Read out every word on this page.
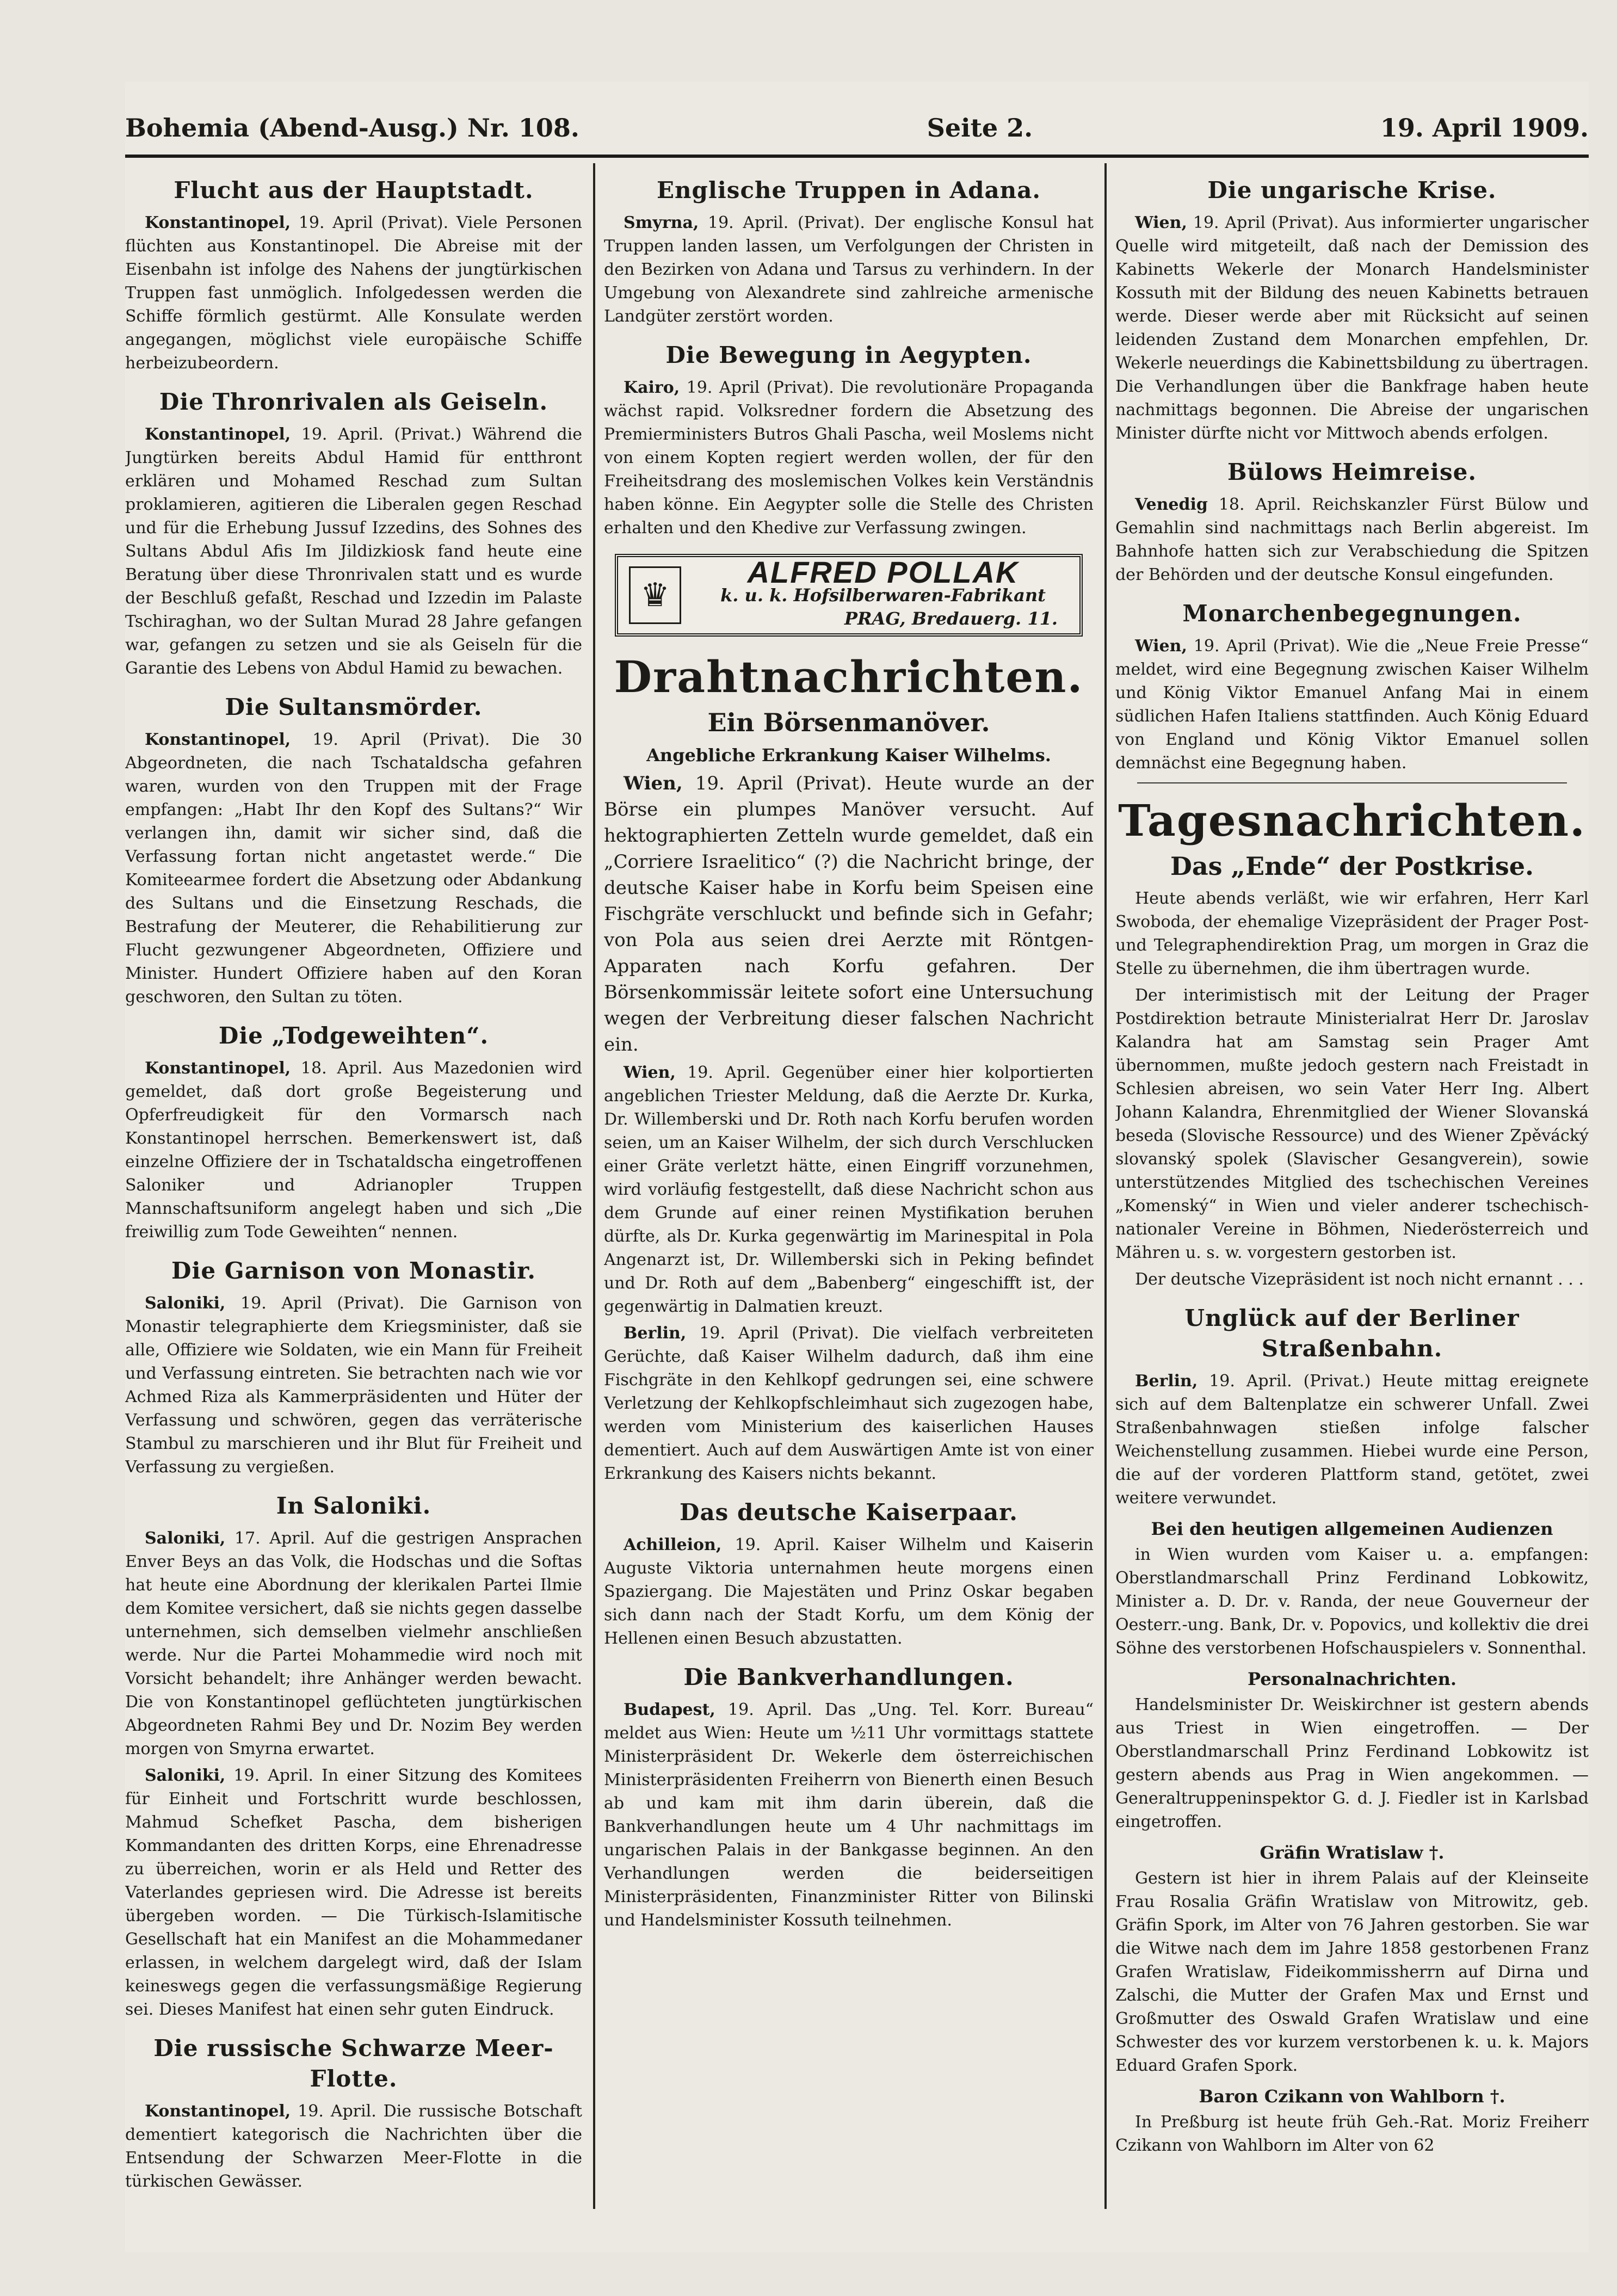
Bohemia (Abend-Ausg.) Nr. 108.	Seite 2.	19. April 1909.
Flucht aus der Hauptstadt.

Konstantinopel, 19. April (Privat). Viele Personen flüchten aus Konstantinopel. Die Abreise mit der Eisenbahn ist infolge des Nahens der jungtürkischen Truppen fast unmöglich. Infolgedessen werden die Schiffe förmlich gestürmt. Alle Konsulate werden angegangen, möglichst viele europäische Schiffe herbeizubeordern.

Die Thronrivalen als Geiseln.

Konstantinopel, 19. April. (Privat.) Während die Jungtürken bereits Abdul Hamid für entthront erklären und Mohamed Reschad zum Sultan proklamieren, agitieren die Liberalen gegen Reschad und für die Erhebung Jussuf Izzedins, des Sohnes des Sultans Abdul Afis Im Jildizkiosk fand heute eine Beratung über diese Thronrivalen statt und es wurde der Beschluß gefaßt, Reschad und Izzedin im Palaste Tschiraghan, wo der Sultan Murad 28 Jahre gefangen war, gefangen zu setzen und sie als Geiseln für die Garantie des Lebens von Abdul Hamid zu bewachen.

Die Sultansmörder.

Konstantinopel, 19. April (Privat). Die 30 Abgeordneten, die nach Tschataldscha gefahren waren, wurden von den Truppen mit der Frage empfangen: „Habt Ihr den Kopf des Sultans?“ Wir verlangen ihn, damit wir sicher sind, daß die Verfassung fortan nicht angetastet werde.“ Die Komiteearmee fordert die Absetzung oder Abdankung des Sultans und die Einsetzung Reschads, die Bestrafung der Meuterer, die Rehabilitierung zur Flucht gezwungener Abgeordneten, Offiziere und Minister. Hundert Offiziere haben auf den Koran geschworen, den Sultan zu töten.

Die „Todgeweihten“.

Konstantinopel, 18. April. Aus Mazedonien wird gemeldet, daß dort große Begeisterung und Opferfreudigkeit für den Vormarsch nach Konstantinopel herrschen. Bemerkenswert ist, daß einzelne Offiziere der in Tschataldscha eingetroffenen Saloniker und Adrianopler Truppen Mannschaftsuniform angelegt haben und sich „Die freiwillig zum Tode Geweihten“ nennen.

Die Garnison von Monastir.

Saloniki, 19. April (Privat). Die Garnison von Monastir telegraphierte dem Kriegsminister, daß sie alle, Offiziere wie Soldaten, wie ein Mann für Freiheit und Verfassung eintreten. Sie betrachten nach wie vor Achmed Riza als Kammerpräsidenten und Hüter der Verfassung und schwören, gegen das verräterische Stambul zu marschieren und ihr Blut für Freiheit und Verfassung zu vergießen.

In Saloniki.

Saloniki, 17. April. Auf die gestrigen Ansprachen Enver Beys an das Volk, die Hodschas und die Softas hat heute eine Abordnung der klerikalen Partei Ilmie dem Komitee versichert, daß sie nichts gegen dasselbe unternehmen, sich demselben vielmehr anschließen werde. Nur die Partei Mohammedie wird noch mit Vorsicht behandelt; ihre Anhänger werden bewacht. Die von Konstantinopel geflüchteten jungtürkischen Abgeordneten Rahmi Bey und Dr. Nozim Bey werden morgen von Smyrna erwartet.

Saloniki, 19. April. In einer Sitzung des Komitees für Einheit und Fortschritt wurde beschlossen, Mahmud Schefket Pascha, dem bisherigen Kommandanten des dritten Korps, eine Ehrenadresse zu überreichen, worin er als Held und Retter des Vaterlandes gepriesen wird. Die Adresse ist bereits übergeben worden. — Die Türkisch-Islamitische Gesellschaft hat ein Manifest an die Mohammedaner erlassen, in welchem dargelegt wird, daß der Islam keineswegs gegen die verfassungsmäßige Regierung sei. Dieses Manifest hat einen sehr guten Eindruck.

Die russische Schwarze Meer-Flotte.

Konstantinopel, 19. April. Die russische Botschaft dementiert kategorisch die Nachrichten über die Entsendung der Schwarzen Meer-Flotte in die türkischen Gewässer.

Englische Truppen in Adana.

Smyrna, 19. April. (Privat). Der englische Konsul hat Truppen landen lassen, um Verfolgungen der Christen in den Bezirken von Adana und Tarsus zu verhindern. In der Umgebung von Alexandrete sind zahlreiche armenische Landgüter zerstört worden.

Die Bewegung in Aegypten.

Kairo, 19. April (Privat). Die revolutionäre Propaganda wächst rapid. Volksredner fordern die Absetzung des Premierministers Butros Ghali Pascha, weil Moslems nicht von einem Kopten regiert werden wollen, der für den Freiheitsdrang des moslemischen Volkes kein Verständnis haben könne. Ein Aegypter solle die Stelle des Christen erhalten und den Khedive zur Verfassung zwingen.

♛
ALFRED POLLAK
k. u. k. Hofsilberwaren-Fabrikant
PRAG, Bredauerg. 11.
Drahtnachrichten.
Ein Börsenmanöver.
Angebliche Erkrankung Kaiser Wilhelms.

Wien, 19. April (Privat). Heute wurde an der Börse ein plumpes Manöver versucht. Auf hektographierten Zetteln wurde gemeldet, daß ein „Corriere Israelitico“ (?) die Nachricht bringe, der deutsche Kaiser habe in Korfu beim Speisen eine Fischgräte verschluckt und befinde sich in Gefahr; von Pola aus seien drei Aerzte mit Röntgen-Apparaten nach Korfu gefahren. Der Börsenkommissär leitete sofort eine Untersuchung wegen der Verbreitung dieser falschen Nachricht ein.

Wien, 19. April. Gegenüber einer hier kolportierten angeblichen Triester Meldung, daß die Aerzte Dr. Kurka, Dr. Willemberski und Dr. Roth nach Korfu berufen worden seien, um an Kaiser Wilhelm, der sich durch Verschlucken einer Gräte verletzt hätte, einen Eingriff vorzunehmen, wird vorläufig festgestellt, daß diese Nachricht schon aus dem Grunde auf einer reinen Mystifikation beruhen dürfte, als Dr. Kurka gegenwärtig im Marinespital in Pola Angenarzt ist, Dr. Willemberski sich in Peking befindet und Dr. Roth auf dem „Babenberg“ eingeschifft ist, der gegenwärtig in Dalmatien kreuzt.

Berlin, 19. April (Privat). Die vielfach verbreiteten Gerüchte, daß Kaiser Wilhelm dadurch, daß ihm eine Fischgräte in den Kehlkopf gedrungen sei, eine schwere Verletzung der Kehlkopfschleimhaut sich zugezogen habe, werden vom Ministerium des kaiserlichen Hauses dementiert. Auch auf dem Auswärtigen Amte ist von einer Erkrankung des Kaisers nichts bekannt.

Das deutsche Kaiserpaar.

Achilleion, 19. April. Kaiser Wilhelm und Kaiserin Auguste Viktoria unternahmen heute morgens einen Spaziergang. Die Majestäten und Prinz Oskar begaben sich dann nach der Stadt Korfu, um dem König der Hellenen einen Besuch abzustatten.

Die Bankverhandlungen.

Budapest, 19. April. Das „Ung. Tel. Korr. Bureau“ meldet aus Wien: Heute um ½11 Uhr vormittags stattete Ministerpräsident Dr. Wekerle dem österreichischen Ministerpräsidenten Freiherrn von Bienerth einen Besuch ab und kam mit ihm darin überein, daß die Bankverhandlungen heute um 4 Uhr nachmittags im ungarischen Palais in der Bankgasse beginnen. An den Verhandlungen werden die beiderseitigen Ministerpräsidenten, Finanzminister Ritter von Bilinski und Handelsminister Kossuth teilnehmen.

Die ungarische Krise.

Wien, 19. April (Privat). Aus informierter ungarischer Quelle wird mitgeteilt, daß nach der Demission des Kabinetts Wekerle der Monarch Handelsminister Kossuth mit der Bildung des neuen Kabinetts betrauen werde. Dieser werde aber mit Rücksicht auf seinen leidenden Zustand dem Monarchen empfehlen, Dr. Wekerle neuerdings die Kabinettsbildung zu übertragen. Die Verhandlungen über die Bankfrage haben heute nachmittags begonnen. Die Abreise der ungarischen Minister dürfte nicht vor Mittwoch abends erfolgen.

Bülows Heimreise.

Venedig 18. April. Reichskanzler Fürst Bülow und Gemahlin sind nachmittags nach Berlin abgereist. Im Bahnhofe hatten sich zur Verabschiedung die Spitzen der Behörden und der deutsche Konsul eingefunden.

Monarchenbegegnungen.

Wien, 19. April (Privat). Wie die „Neue Freie Presse“ meldet, wird eine Begegnung zwischen Kaiser Wilhelm und König Viktor Emanuel Anfang Mai in einem südlichen Hafen Italiens stattfinden. Auch König Eduard von England und König Viktor Emanuel sollen demnächst eine Begegnung haben.

Tagesnachrichten.
Das „Ende“ der Postkrise.

Heute abends verläßt, wie wir erfahren, Herr Karl Swoboda, der ehemalige Vizepräsident der Prager Post- und Telegraphendirektion Prag, um morgen in Graz die Stelle zu übernehmen, die ihm übertragen wurde.

Der interimistisch mit der Leitung der Prager Postdirektion betraute Ministerialrat Herr Dr. Jaroslav Kalandra hat am Samstag sein Prager Amt übernommen, mußte jedoch gestern nach Freistadt in Schlesien abreisen, wo sein Vater Herr Ing. Albert Johann Kalandra, Ehrenmitglied der Wiener Slovanská beseda (Slovische Ressource) und des Wiener Zpěvácký slovanský spolek (Slavischer Gesangverein), sowie unterstützendes Mitglied des tschechischen Vereines „Komenský“ in Wien und vieler anderer tschechisch-nationaler Vereine in Böhmen, Niederösterreich und Mähren u. s. w. vorgestern gestorben ist.

Der deutsche Vizepräsident ist noch nicht ernannt . . .

Unglück auf der Berliner Straßenbahn.

Berlin, 19. April. (Privat.) Heute mittag ereignete sich auf dem Baltenplatze ein schwerer Unfall. Zwei Straßenbahnwagen stießen infolge falscher Weichenstellung zusammen. Hiebei wurde eine Person, die auf der vorderen Plattform stand, getötet, zwei weitere verwundet.

Bei den heutigen allgemeinen Audienzen

in Wien wurden vom Kaiser u. a. empfangen: Oberstlandmarschall Prinz Ferdinand Lobkowitz, Minister a. D. Dr. v. Randa, der neue Gouverneur der Oesterr.-ung. Bank, Dr. v. Popovics, und kollektiv die drei Söhne des verstorbenen Hofschauspielers v. Sonnenthal.

Personalnachrichten.

Handelsminister Dr. Weiskirchner ist gestern abends aus Triest in Wien eingetroffen. — Der Oberstlandmarschall Prinz Ferdinand Lobkowitz ist gestern abends aus Prag in Wien angekommen. — Generaltruppeninspektor G. d. J. Fiedler ist in Karlsbad eingetroffen.

Gräfin Wratislaw †.

Gestern ist hier in ihrem Palais auf der Kleinseite Frau Rosalia Gräfin Wratislaw von Mitrowitz, geb. Gräfin Spork, im Alter von 76 Jahren gestorben. Sie war die Witwe nach dem im Jahre 1858 gestorbenen Franz Grafen Wratislaw, Fideikommissherrn auf Dirna und Zalschi, die Mutter der Grafen Max und Ernst und Großmutter des Oswald Grafen Wratislaw und eine Schwester des vor kurzem verstorbenen k. u. k. Majors Eduard Grafen Spork.

Baron Czikann von Wahlborn †.

In Preßburg ist heute früh Geh.-Rat. Moriz Freiherr Czikann von Wahlborn im Alter von 62
